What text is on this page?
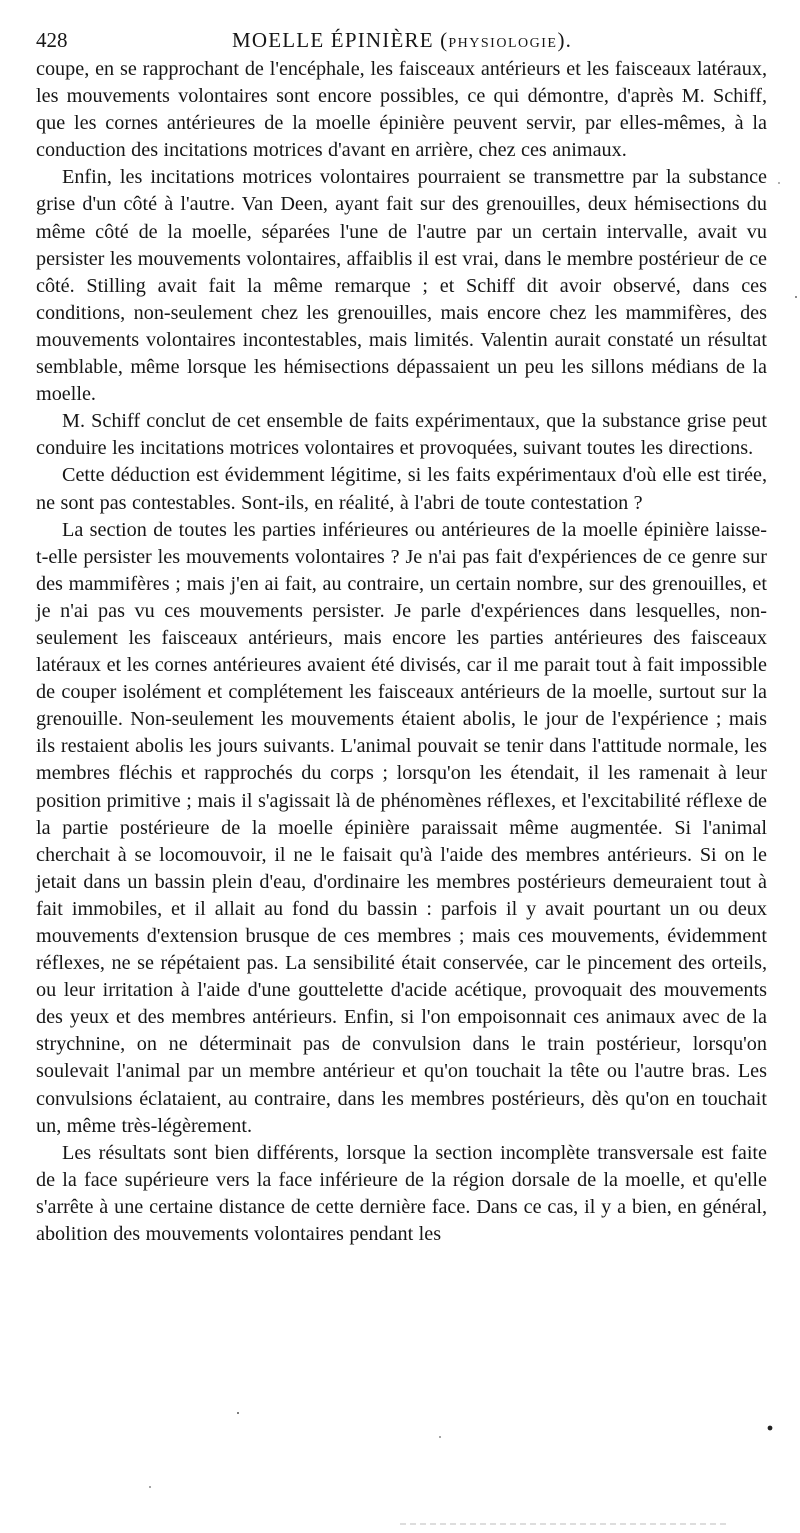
428	MOELLE ÉPINIÈRE (PHYSIOLOGIE).

coupe, en se rapprochant de l'encéphale, les faisceaux antérieurs et les faisceaux latéraux, les mouvements volontaires sont encore possibles, ce qui démontre, d'après M. Schiff, que les cornes antérieures de la moelle épinière peuvent servir, par elles-mêmes, à la conduction des incitations motrices d'avant en arrière, chez ces animaux.

Enfin, les incitations motrices volontaires pourraient se transmettre par la substance grise d'un côté à l'autre. Van Deen, ayant fait sur des grenouilles, deux hémisections du même côté de la moelle, séparées l'une de l'autre par un certain intervalle, avait vu persister les mouvements volontaires, affaiblis il est vrai, dans le membre postérieur de ce côté. Stilling avait fait la même remarque ; et Schiff dit avoir observé, dans ces conditions, non-seulement chez les grenouilles, mais encore chez les mammifères, des mouvements volontaires incontestables, mais limités. Valentin aurait constaté un résultat semblable, même lorsque les hémisections dépassaient un peu les sillons médians de la moelle.

M. Schiff conclut de cet ensemble de faits expérimentaux, que la substance grise peut conduire les incitations motrices volontaires et provoquées, suivant toutes les directions.

Cette déduction est évidemment légitime, si les faits expérimentaux d'où elle est tirée, ne sont pas contestables. Sont-ils, en réalité, à l'abri de toute contestation ?

La section de toutes les parties inférieures ou antérieures de la moelle épinière laisse-t-elle persister les mouvements volontaires ? Je n'ai pas fait d'expériences de ce genre sur des mammifères ; mais j'en ai fait, au contraire, un certain nombre, sur des grenouilles, et je n'ai pas vu ces mouvements persister. Je parle d'expériences dans lesquelles, non-seulement les faisceaux antérieurs, mais encore les parties antérieures des faisceaux latéraux et les cornes antérieures avaient été divisés, car il me parait tout à fait impossible de couper isolément et complétement les faisceaux antérieurs de la moelle, surtout sur la grenouille. Non-seulement les mouvements étaient abolis, le jour de l'expérience ; mais ils restaient abolis les jours suivants. L'animal pouvait se tenir dans l'attitude normale, les membres fléchis et rapprochés du corps ; lorsqu'on les étendait, il les ramenait à leur position primitive ; mais il s'agissait là de phénomènes réflexes, et l'excitabilité réflexe de la partie postérieure de la moelle épinière paraissait même augmentée. Si l'animal cherchait à se locomouvoir, il ne le faisait qu'à l'aide des membres antérieurs. Si on le jetait dans un bassin plein d'eau, d'ordinaire les membres postérieurs demeuraient tout à fait immobiles, et il allait au fond du bassin : parfois il y avait pourtant un ou deux mouvements d'extension brusque de ces membres ; mais ces mouvements, évidemment réflexes, ne se répétaient pas. La sensibilité était conservée, car le pincement des orteils, ou leur irritation à l'aide d'une gouttelette d'acide acétique, provoquait des mouvements des yeux et des membres antérieurs. Enfin, si l'on empoisonnait ces animaux avec de la strychnine, on ne déterminait pas de convulsion dans le train postérieur, lorsqu'on soulevait l'animal par un membre antérieur et qu'on touchait la tête ou l'autre bras. Les convulsions éclataient, au contraire, dans les membres postérieurs, dès qu'on en touchait un, même très-légèrement.

Les résultats sont bien différents, lorsque la section incomplète transversale est faite de la face supérieure vers la face inférieure de la région dorsale de la moelle, et qu'elle s'arrête à une certaine distance de cette dernière face. Dans ce cas, il y a bien, en général, abolition des mouvements volontaires pendant les
